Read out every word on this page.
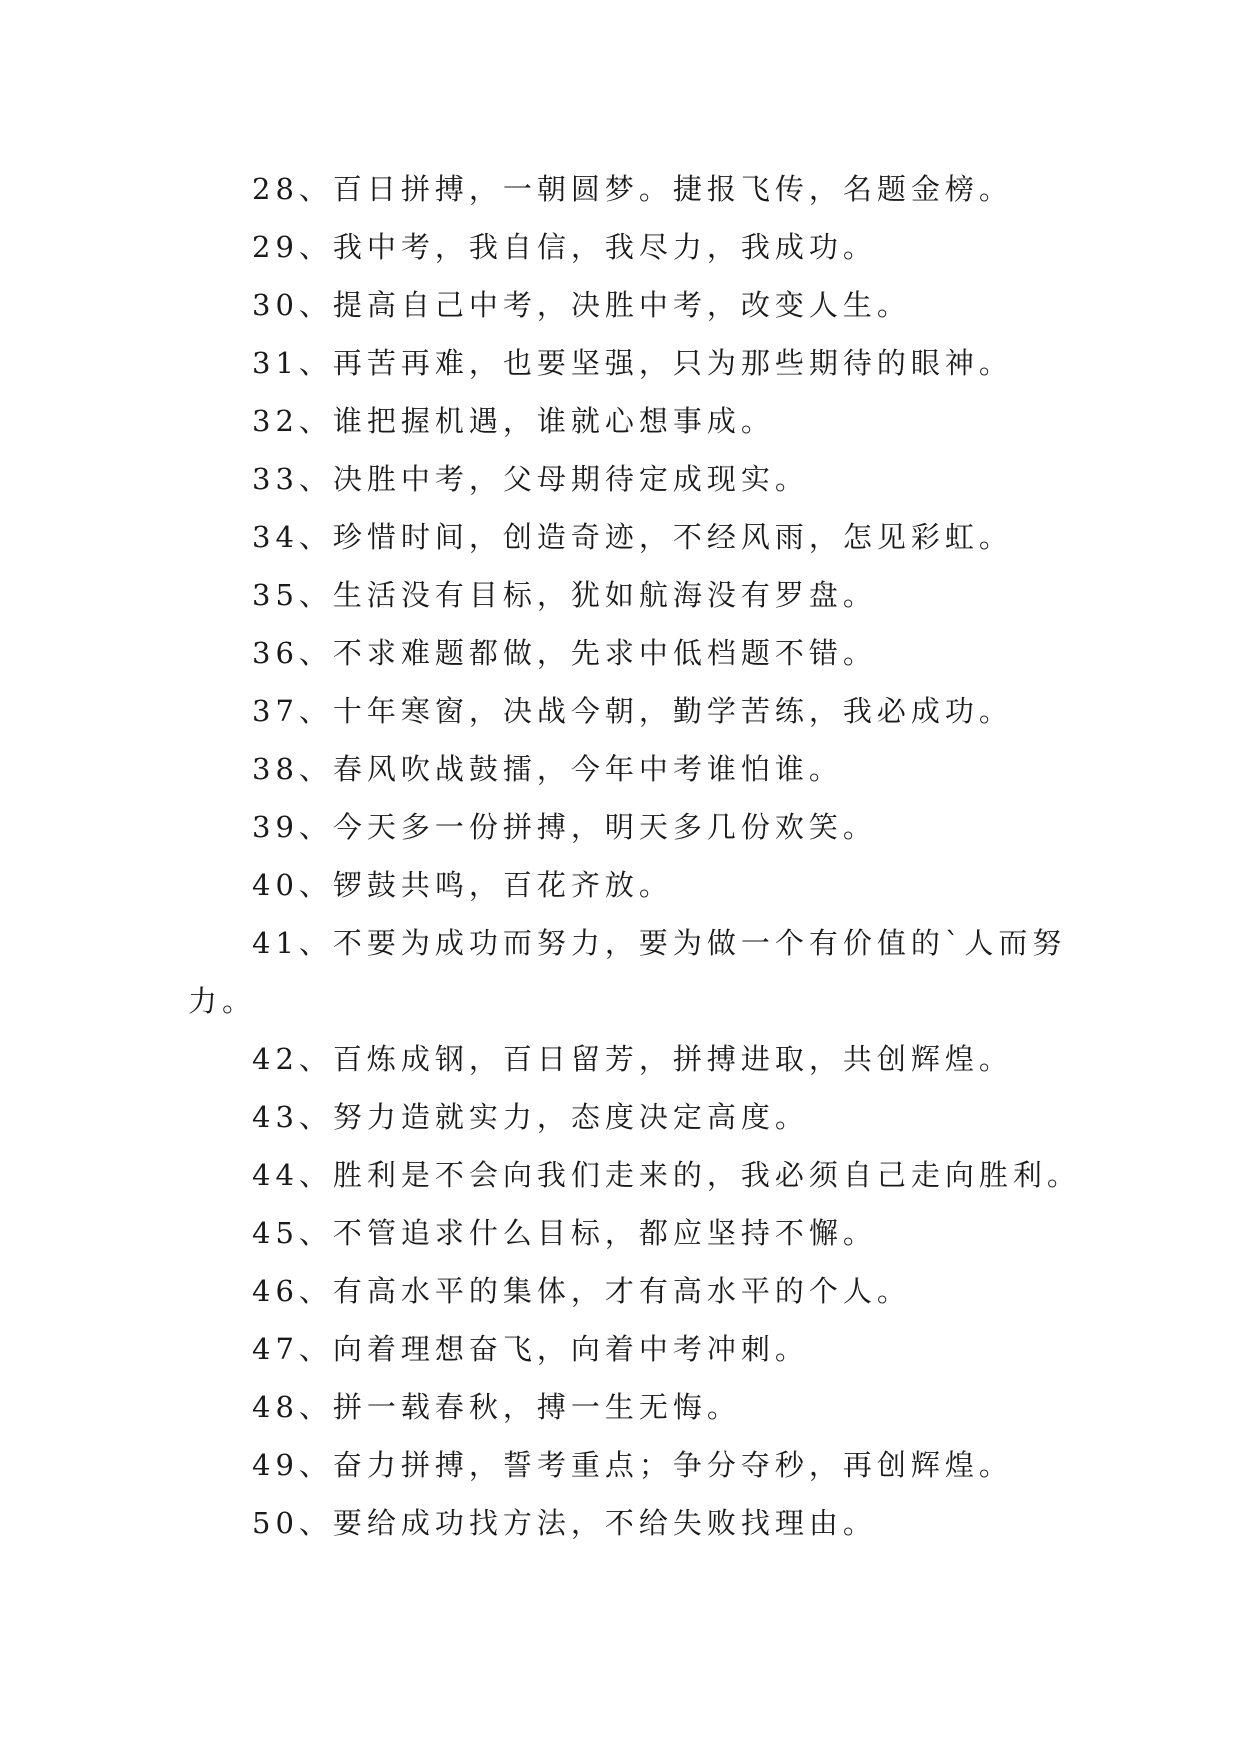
28、百日拼搏，一朝圆梦。捷报飞传，名题金榜。
29、我中考，我自信，我尽力，我成功。
30、提高自己中考，决胜中考，改变人生。
31、再苦再难，也要坚强，只为那些期待的眼神。
32、谁把握机遇，谁就心想事成。
33、决胜中考，父母期待定成现实。
34、珍惜时间，创造奇迹，不经风雨，怎见彩虹。
35、生活没有目标，犹如航海没有罗盘。
36、不求难题都做，先求中低档题不错。
37、十年寒窗，决战今朝，勤学苦练，我必成功。
38、春风吹战鼓擂，今年中考谁怕谁。
39、今天多一份拼搏，明天多几份欢笑。
40、锣鼓共鸣，百花齐放。
41、不要为成功而努力，要为做一个有价值的`人而努力。
42、百炼成钢，百日留芳，拼搏进取，共创辉煌。
43、努力造就实力，态度决定高度。
44、胜利是不会向我们走来的，我必须自己走向胜利。
45、不管追求什么目标，都应坚持不懈。
46、有高水平的集体，才有高水平的个人。
47、向着理想奋飞，向着中考冲刺。
48、拼一载春秋，搏一生无悔。
49、奋力拼搏，誓考重点；争分夺秒，再创辉煌。
50、要给成功找方法，不给失败找理由。
